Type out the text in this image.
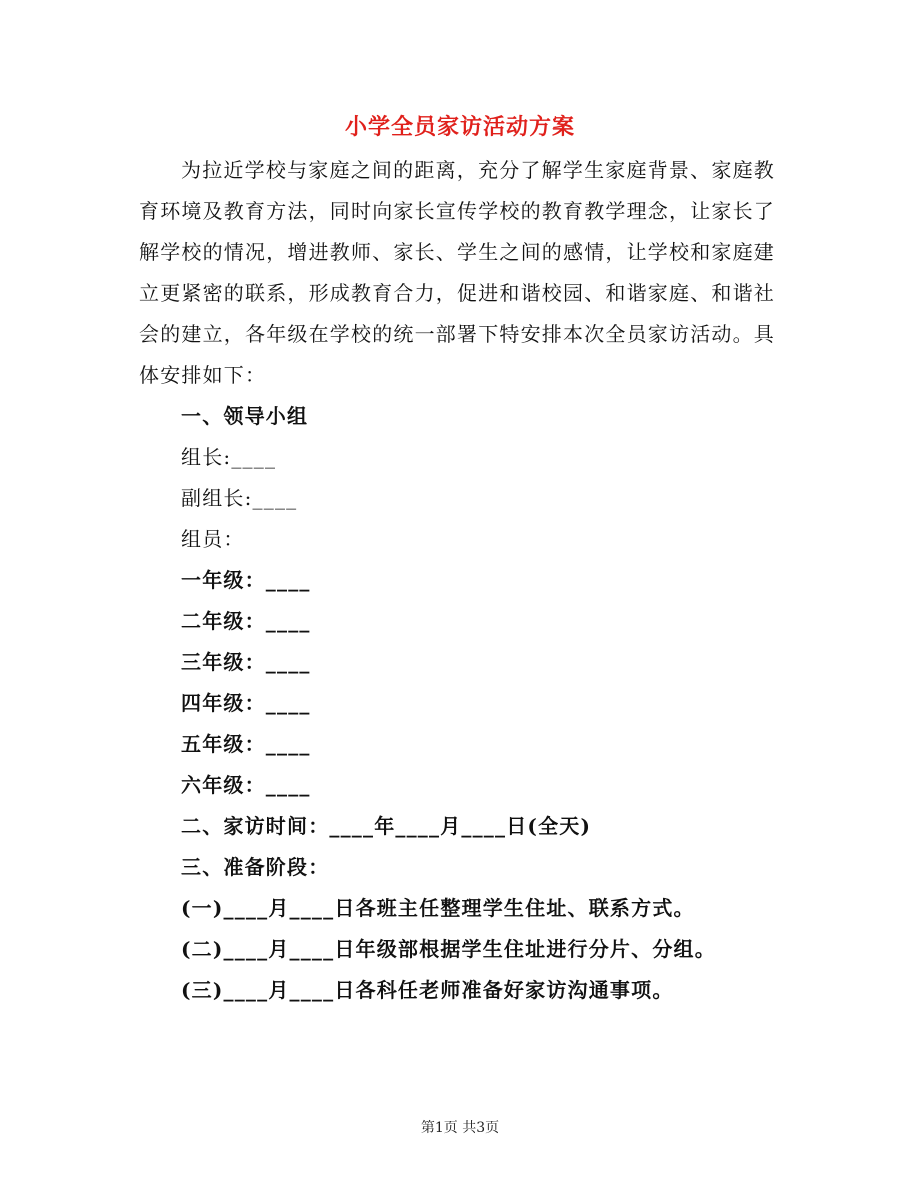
小学全员家访活动方案
为拉近学校与家庭之间的距离，充分了解学生家庭背景、家庭教育环境及教育方法，同时向家长宣传学校的教育教学理念，让家长了解学校的情况，增进教师、家长、学生之间的感情，让学校和家庭建立更紧密的联系，形成教育合力，促进和谐校园、和谐家庭、和谐社会的建立，各年级在学校的统一部署下特安排本次全员家访活动。具体安排如下：
一、领导小组
组长:____
副组长:____
组员：
一年级：____
二年级：____
三年级：____
四年级：____
五年级：____
六年级：____
二、家访时间：____年____月____日(全天)
三、准备阶段：
(一)____月____日各班主任整理学生住址、联系方式。
(二)____月____日年级部根据学生住址进行分片、分组。
(三)____月____日各科任老师准备好家访沟通事项。
第1页 共3页
